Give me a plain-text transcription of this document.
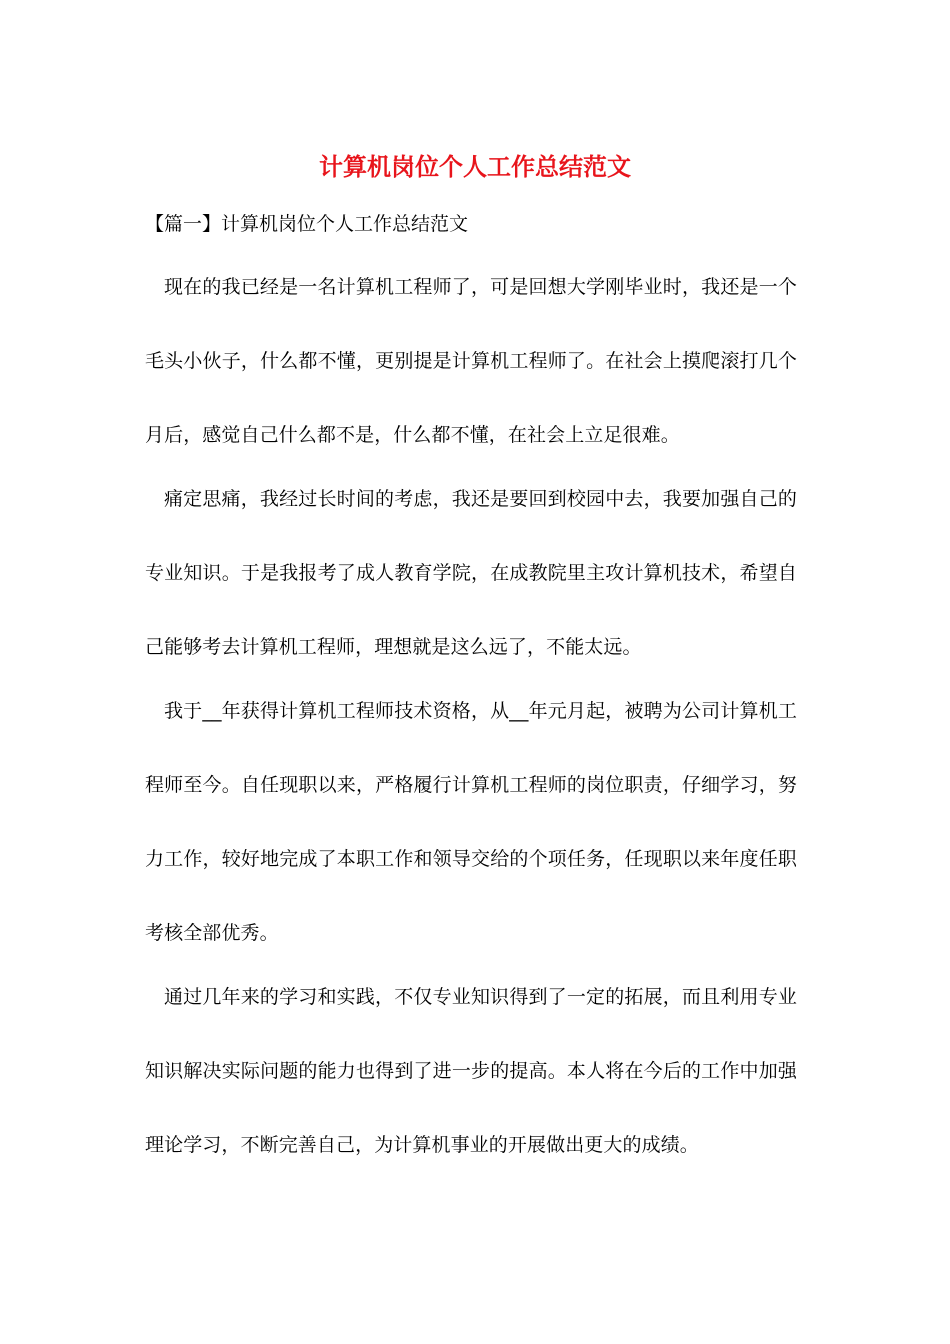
计算机岗位个人工作总结范文

【篇一】计算机岗位个人工作总结范文

现在的我已经是一名计算机工程师了，可是回想大学刚毕业时，我还是一个毛头小伙子，什么都不懂，更别提是计算机工程师了。在社会上摸爬滚打几个月后，感觉自己什么都不是，什么都不懂，在社会上立足很难。

痛定思痛，我经过长时间的考虑，我还是要回到校园中去，我要加强自己的专业知识。于是我报考了成人教育学院，在成教院里主攻计算机技术，希望自己能够考去计算机工程师，理想就是这么远了，不能太远。

我于__年获得计算机工程师技术资格，从__年元月起，被聘为公司计算机工程师至今。自任现职以来，严格履行计算机工程师的岗位职责，仔细学习，努力工作，较好地完成了本职工作和领导交给的个项任务，任现职以来年度任职考核全部优秀。

通过几年来的学习和实践，不仅专业知识得到了一定的拓展，而且利用专业知识解决实际问题的能力也得到了进一步的提高。本人将在今后的工作中加强理论学习，不断完善自己，为计算机事业的开展做出更大的成绩。
